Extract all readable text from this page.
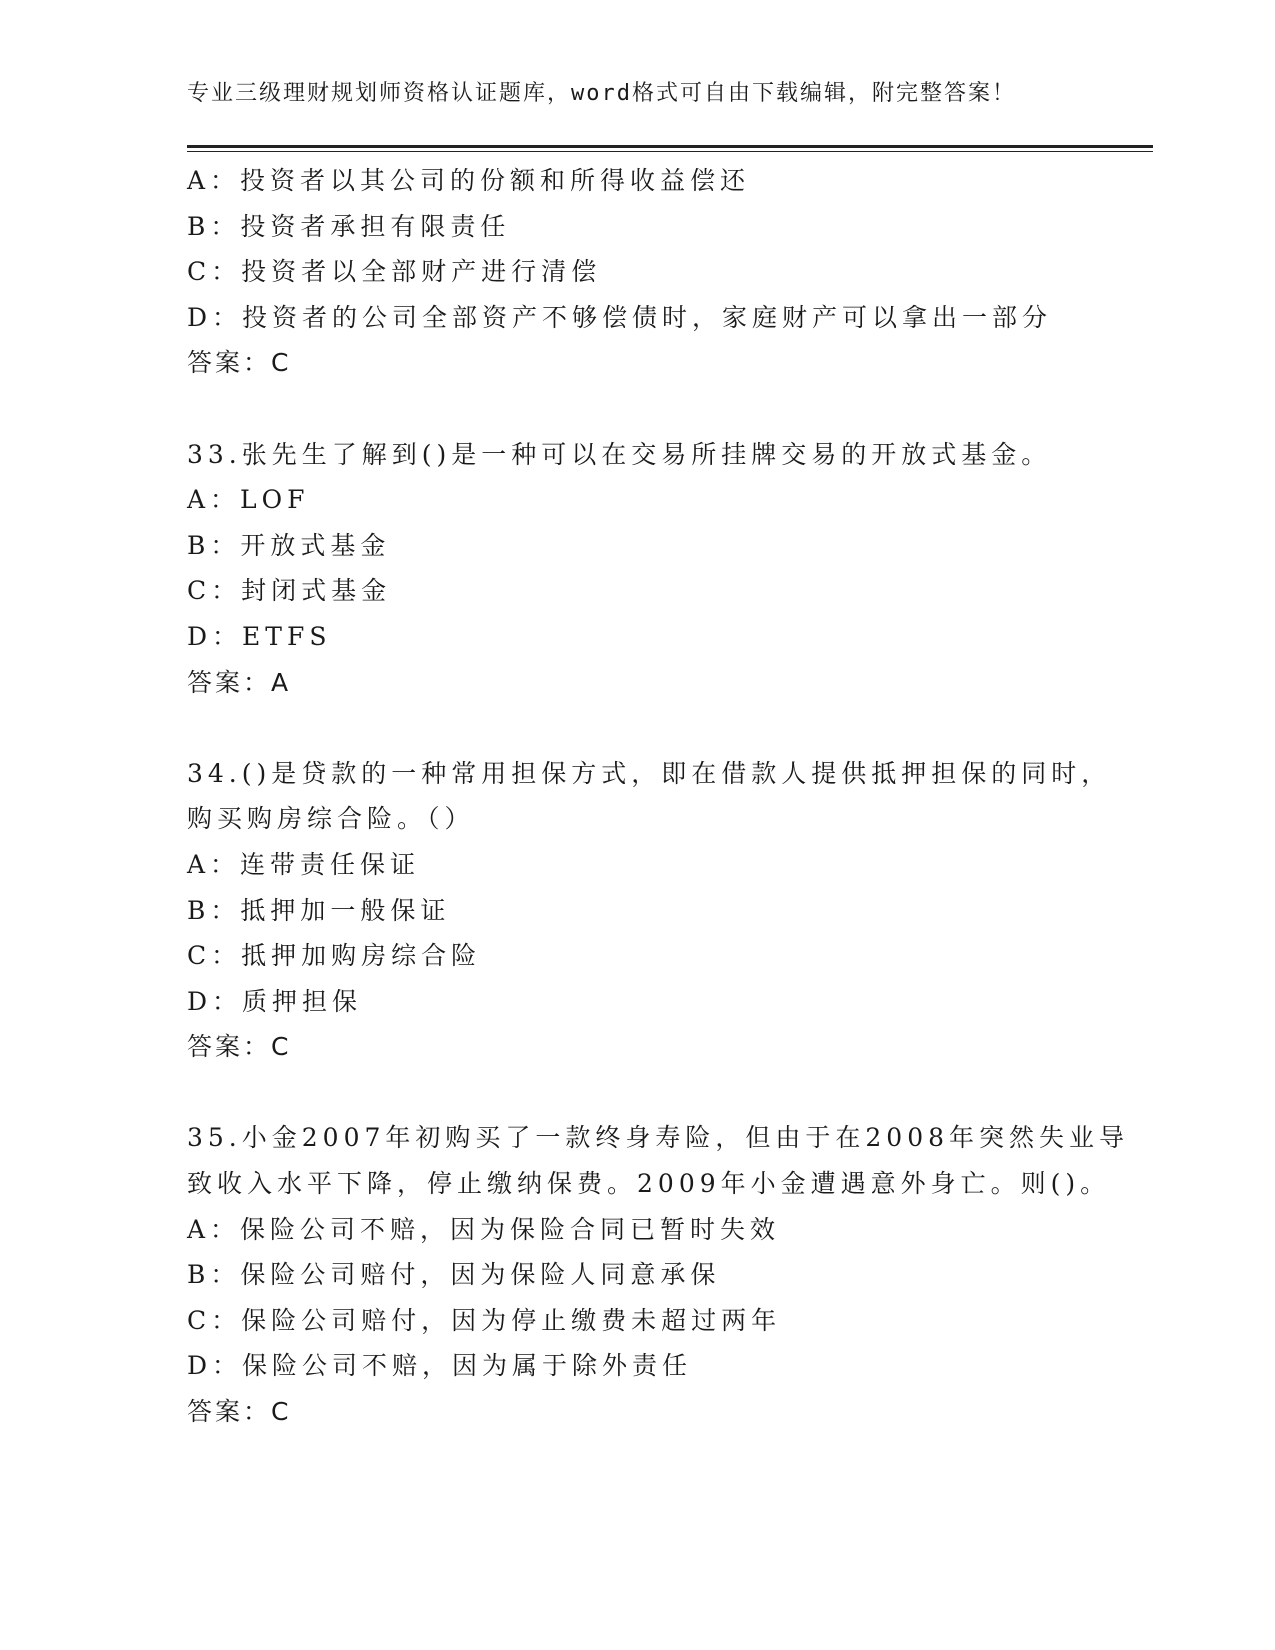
专业三级理财规划师资格认证题库，word格式可自由下载编辑，附完整答案！
A：投资者以其公司的份额和所得收益偿还
B：投资者承担有限责任
C：投资者以全部财产进行清偿
D：投资者的公司全部资产不够偿债时，家庭财产可以拿出一部分
答案：C
33.张先生了解到()是一种可以在交易所挂牌交易的开放式基金。
A：LOF
B：开放式基金
C：封闭式基金
D：ETFS
答案：A
34.()是贷款的一种常用担保方式，即在借款人提供抵押担保的同时，
购买购房综合险。（）
A：连带责任保证
B：抵押加一般保证
C：抵押加购房综合险
D：质押担保
答案：C
35.小金2007年初购买了一款终身寿险，但由于在2008年突然失业导
致收入水平下降，停止缴纳保费。2009年小金遭遇意外身亡。则()。
A：保险公司不赔，因为保险合同已暂时失效
B：保险公司赔付，因为保险人同意承保
C：保险公司赔付，因为停止缴费未超过两年
D：保险公司不赔，因为属于除外责任
答案：C
